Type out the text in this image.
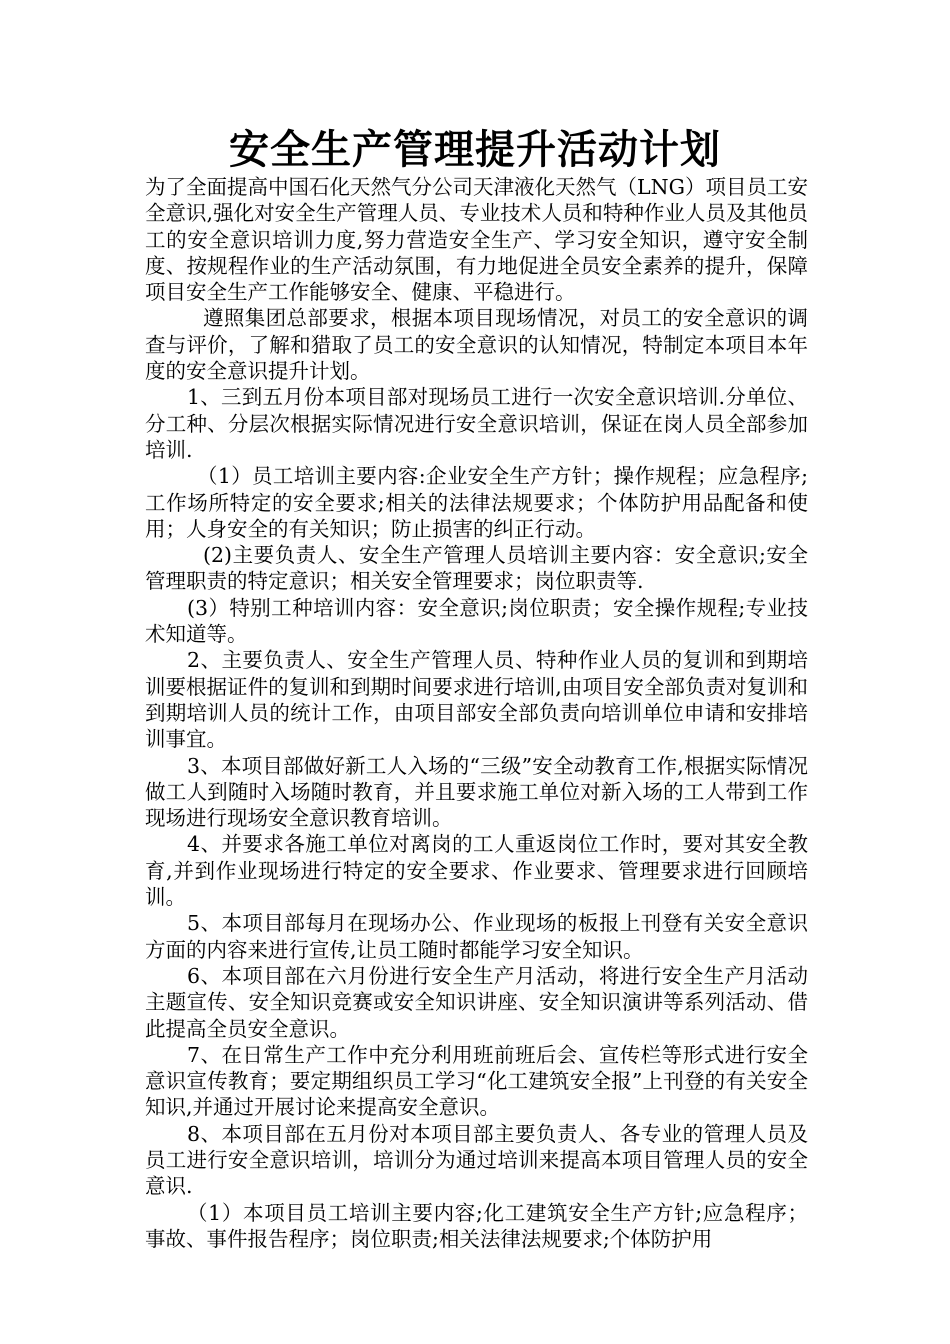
安全生产管理提升活动计划

为了全面提高中国石化天然气分公司天津液化天然气（LNG）项目员工安全意识,强化对安全生产管理人员、专业技术人员和特种作业人员及其他员工的安全意识培训力度,努力营造安全生产、学习安全知识，遵守安全制度、按规程作业的生产活动氛围，有力地促进全员安全素养的提升，保障项目安全生产工作能够安全、健康、平稳进行。

遵照集团总部要求，根据本项目现场情况，对员工的安全意识的调查与评价，了解和猎取了员工的安全意识的认知情况，特制定本项目本年度的安全意识提升计划。

1、三到五月份本项目部对现场员工进行一次安全意识培训.分单位、分工种、分层次根据实际情况进行安全意识培训，保证在岗人员全部参加培训.

（1）员工培训主要内容:企业安全生产方针；操作规程；应急程序;工作场所特定的安全要求;相关的法律法规要求；个体防护用品配备和使用；人身安全的有关知识；防止损害的纠正行动。

(2)主要负责人、安全生产管理人员培训主要内容：安全意识;安全管理职责的特定意识；相关安全管理要求；岗位职责等.

(3）特别工种培训内容：安全意识;岗位职责；安全操作规程;专业技术知道等。

2、主要负责人、安全生产管理人员、特种作业人员的复训和到期培训要根据证件的复训和到期时间要求进行培训,由项目安全部负责对复训和到期培训人员的统计工作，由项目部安全部负责向培训单位申请和安排培训事宜。

3、本项目部做好新工人入场的“三级”安全动教育工作,根据实际情况做工人到随时入场随时教育，并且要求施工单位对新入场的工人带到工作现场进行现场安全意识教育培训。

4、并要求各施工单位对离岗的工人重返岗位工作时，要对其安全教育,并到作业现场进行特定的安全要求、作业要求、管理要求进行回顾培训。

5、本项目部每月在现场办公、作业现场的板报上刊登有关安全意识方面的内容来进行宣传,让员工随时都能学习安全知识。

6、本项目部在六月份进行安全生产月活动，将进行安全生产月活动主题宣传、安全知识竞赛或安全知识讲座、安全知识演讲等系列活动、借此提高全员安全意识。

7、在日常生产工作中充分利用班前班后会、宣传栏等形式进行安全意识宣传教育；要定期组织员工学习“化工建筑安全报”上刊登的有关安全知识,并通过开展讨论来提高安全意识。

8、本项目部在五月份对本项目部主要负责人、各专业的管理人员及员工进行安全意识培训，培训分为通过培训来提高本项目管理人员的安全意识.

（1）本项目员工培训主要内容;化工建筑安全生产方针;应急程序；事故、事件报告程序；岗位职责;相关法律法规要求;个体防护用
